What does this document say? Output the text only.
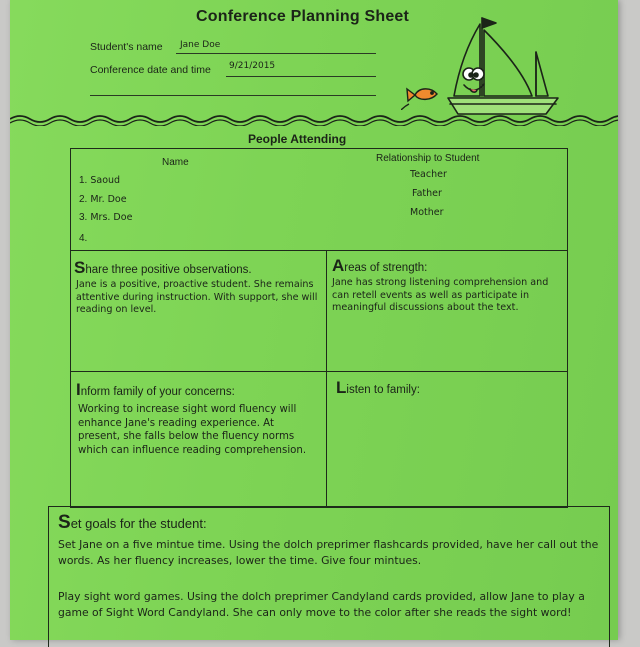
Conference Planning Sheet
Student's name Jane Doe
Conference date and time 9/21/2015
People Attending
Name	Relationship to Student
1. Saoud
Teacher
2. Mr. Doe
Father
3. Mrs. Doe	Mother
4.
Share three positive observations.
Jane is a positive, proactive student. She remains attentive during instruction. With support, she will reading on level.
Areas of strength:
Jane has strong listening comprehension and can retell events as well as participate in meaningful discussions about the text.
Inform family of your concerns:
Working to increase sight word fluency will enhance Jane's reading experience. At present, she falls below the fluency norms which can influence reading comprehension.
Listen to family:
Set goals for the student:
Set Jane on a five mintue time. Using the dolch preprimer flashcards provided, have her call out the words. As her fluency increases, lower the time. Give four mintues.
Play sight word games. Using the dolch preprimer Candyland cards provided, allow Jane to play a game of Sight Word Candyland. She can only move to the color after she reads the sight word!
